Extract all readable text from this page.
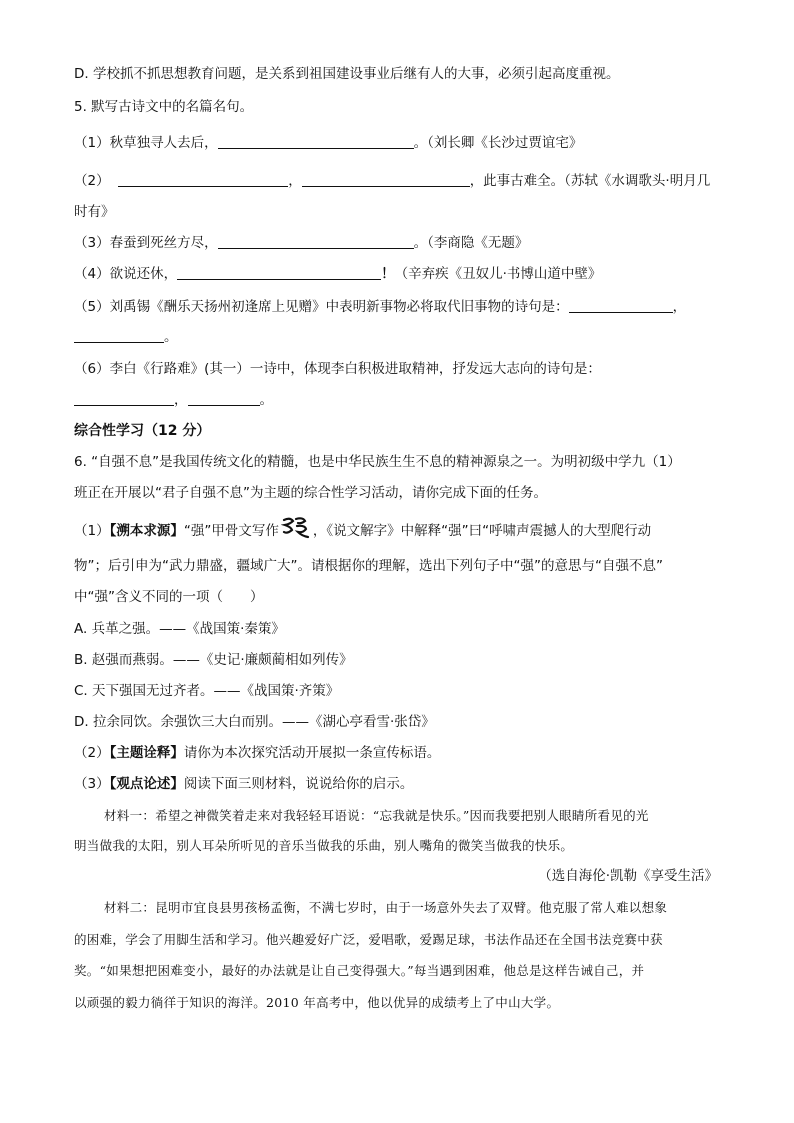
D. 学校抓不抓思想教育问题，是关系到祖国建设事业后继有人的大事，必须引起高度重视。
5. 默写古诗文中的名篇名句。
（1）秋草独寻人去后，	。（刘长卿《长沙过贾谊宅》
（2）	，	，此事古难全。（苏轼《水调歌头·明月几
时有》
（3）春蚕到死丝方尽，	。（李商隐《无题》
（4）欲说还休，	！（辛弃疾《丑奴儿·书博山道中壁》
（5）刘禹锡《酬乐天扬州初逢席上见赠》中表明新事物必将取代旧事物的诗句是：	，
。
（6）李白《行路难》(其一）一诗中，体现李白积极进取精神，抒发远大志向的诗句是：
，	。
综合性学习（12 分）
6. “自强不息”是我国传统文化的精髓，也是中华民族生生不息的精神源泉之一。为明初级中学九（1）
班正在开展以“君子自强不息”为主题的综合性学习活动，请你完成下面的任务。
（1）【溯本求源】“强”甲骨文写作	，《说文解字》中解释“强”曰“呼啸声震撼人的大型爬行动
物”；后引申为“武力鼎盛，疆域广大”。请根据你的理解，选出下列句子中“强”的意思与“自强不息”
中“强”含义不同的一项（　　）
A. 兵革之强。——《战国策·秦策》
B. 赵强而燕弱。——《史记·廉颇蔺相如列传》
C. 天下强国无过齐者。——《战国策·齐策》
D. 拉余同饮。余强饮三大白而别。——《湖心亭看雪·张岱》
（2）【主题诠释】请你为本次探究活动开展拟一条宣传标语。
（3）【观点论述】阅读下面三则材料，说说给你的启示。
材料一：希望之神微笑着走来对我轻轻耳语说：“忘我就是快乐。”因而我要把别人眼睛所看见的光
明当做我的太阳，别人耳朵所听见的音乐当做我的乐曲，别人嘴角的微笑当做我的快乐。
（选自海伦·凯勒《享受生活》
材料二：昆明市宜良县男孩杨孟衡，不满七岁时，由于一场意外失去了双臂。他克服了常人难以想象
的困难，学会了用脚生活和学习。他兴趣爱好广泛，爱唱歌，爱踢足球，书法作品还在全国书法竞赛中获
奖。“如果想把困难变小，最好的办法就是让自己变得强大。”每当遇到困难，他总是这样告诫自己，并
以顽强的毅力徜徉于知识的海洋。2010 年高考中，他以优异的成绩考上了中山大学。
